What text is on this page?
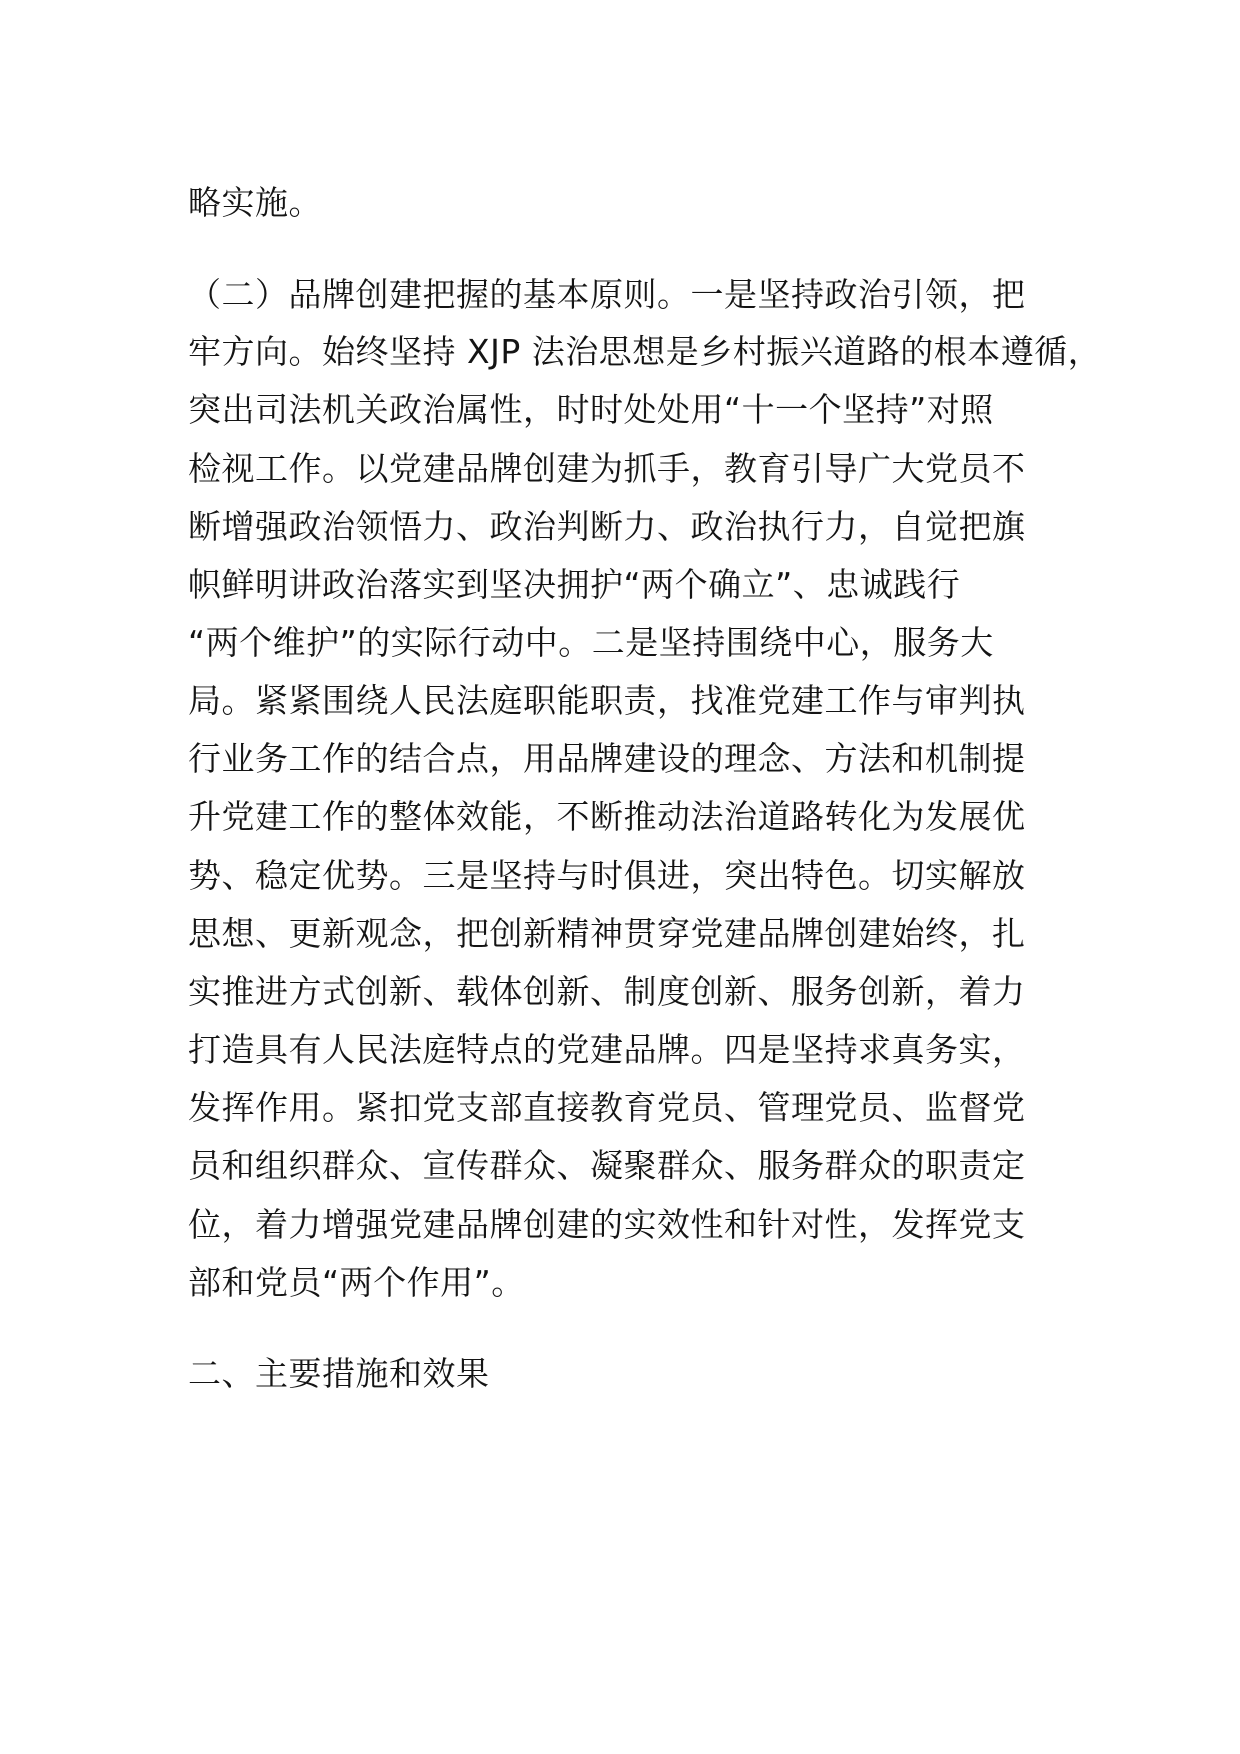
略实施。

（二）品牌创建把握的基本原则。一是坚持政治引领，把

牢方向。始终坚持 XJP 法治思想是乡村振兴道路的根本遵循，

突出司法机关政治属性，时时处处用“十一个坚持”对照

检视工作。以党建品牌创建为抓手，教育引导广大党员不

断增强政治领悟力、政治判断力、政治执行力，自觉把旗

帜鲜明讲政治落实到坚决拥护“两个确立”、忠诚践行

“两个维护”的实际行动中。二是坚持围绕中心，服务大

局。紧紧围绕人民法庭职能职责，找准党建工作与审判执

行业务工作的结合点，用品牌建设的理念、方法和机制提

升党建工作的整体效能，不断推动法治道路转化为发展优

势、稳定优势。三是坚持与时俱进，突出特色。切实解放

思想、更新观念，把创新精神贯穿党建品牌创建始终，扎

实推进方式创新、载体创新、制度创新、服务创新，着力

打造具有人民法庭特点的党建品牌。四是坚持求真务实，

发挥作用。紧扣党支部直接教育党员、管理党员、监督党

员和组织群众、宣传群众、凝聚群众、服务群众的职责定

位，着力增强党建品牌创建的实效性和针对性，发挥党支

部和党员“两个作用”。

二、主要措施和效果
